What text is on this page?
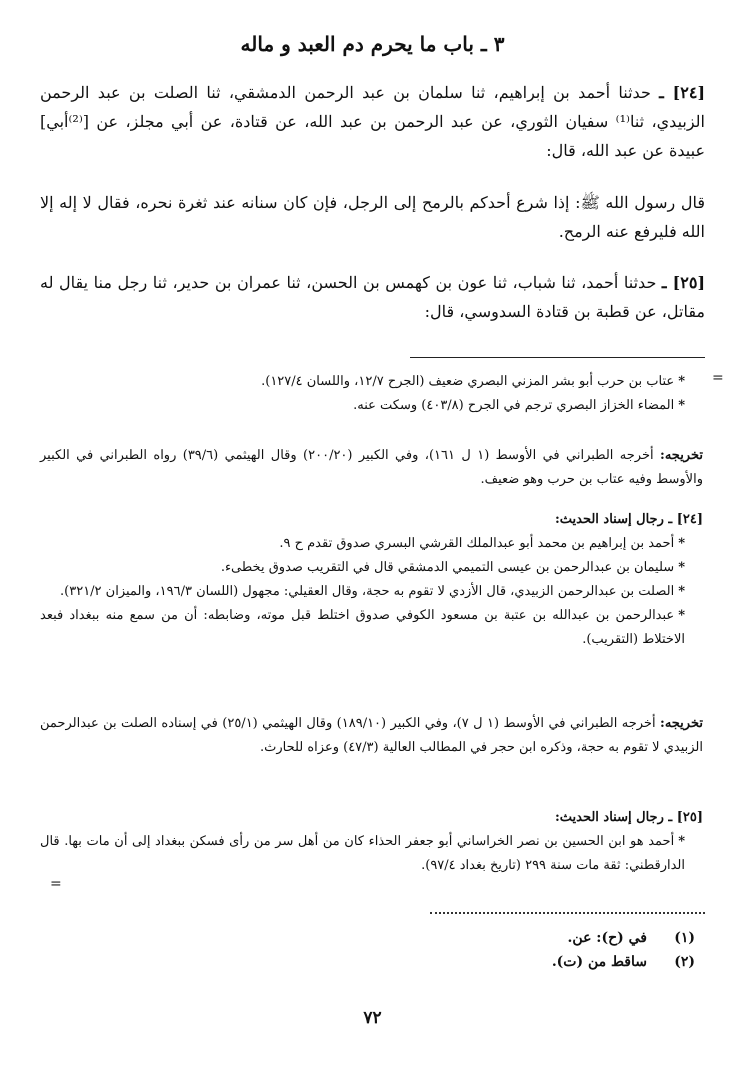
٣ ـ باب ما يحرم دم العبد و ماله

[٢٤] ـ حدثنا أحمد بن إبراهيم، ثنا سلمان بن عبد الرحمن الدمشقي، ثنا الصلت بن عبد الرحمن الزبيدي، ثنا⁽¹⁾ سفيان الثوري، عن عبد الرحمن بن عبد الله، عن قتادة، عن أبي مجلز، عن [⁽²⁾أبي] عبيدة عن عبد الله، قال:

قال رسول الله ﷺ: إذا شرع أحدكم بالرمح إلى الرجل، فإن كان سنانه عند ثغرة نحره، فقال لا إله إلا الله فليرفع عنه الرمح.

[٢٥] ـ حدثنا أحمد، ثنا شباب، ثنا عون بن كهمس بن الحسن، ثنا عمران بن حدير، ثنا رجل منا يقال له مقاتل، عن قطبة بن قتادة السدوسي، قال:

*عتاب بن حرب أبو بشر المزني البصري ضعيف (الجرح ١٢/٧، واللسان ١٢٧/٤).

*المضاء الخزاز البصري ترجم في الجرح (٤٠٣/٨) وسكت عنه.

تخريجه: أخرجه الطبراني في الأوسط (١ ل ١٦١)، وفي الكبير (٢٠٠/٢٠) وقال الهيثمي (٣٩/٦) رواه الطبراني في الكبير والأوسط وفيه عتاب بن حرب وهو ضعيف.

[٢٤] ـ رجال إسناد الحديث:

*أحمد بن إبراهيم بن محمد أبو عبدالملك القرشي البسري صدوق تقدم ح ٩.

*سليمان بن عبدالرحمن بن عيسى التميمي الدمشقي قال في التقريب صدوق يخطىء.

*الصلت بن عبدالرحمن الزبيدي، قال الأزدي لا تقوم به حجة، وقال العقيلي: مجهول (اللسان ١٩٦/٣، والميزان ٣٢١/٢).

*عبدالرحمن بن عبدالله بن عتبة بن مسعود الكوفي صدوق اختلط قبل موته، وضابطه: أن من سمع منه ببغداد فبعد الاختلاط (التقريب).

تخريجه: أخرجه الطبراني في الأوسط (١ ل ٧)، وفي الكبير (١٨٩/١٠) وقال الهيثمي (٢٥/١) في إسناده الصلت بن عبدالرحمن الزبيدي لا تقوم به حجة، وذكره ابن حجر في المطالب العالية (٤٧/٣) وعزاه للحارث.

[٢٥] ـ رجال إسناد الحديث:

*أحمد هو ابن الحسين بن نصر الخراساني أبو جعفر الحذاء كان من أهل سر من رأى فسكن ببغداد إلى أن مات بها. قال الدارقطني: ثقة مات سنة ٢٩٩ (تاريخ بغداد ٩٧/٤).

(١)
في (ح): عن.
(٢)
ساقط من (ت).
٧٢
=
=
